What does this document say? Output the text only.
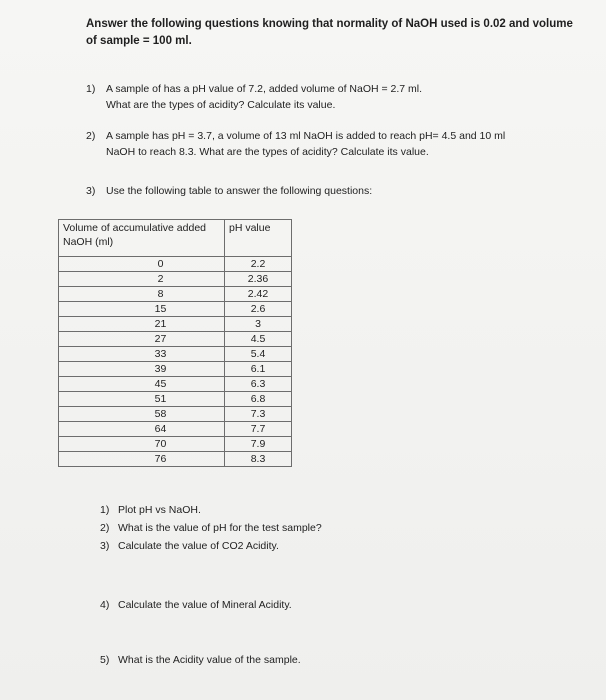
Answer the following questions knowing that normality of NaOH used is 0.02 and volume
of sample = 100 ml.
1) A sample of has a pH value of 7.2, added volume of NaOH = 2.7 ml.
What are the types of acidity? Calculate its value.
2) A sample has pH = 3.7, a volume of 13 ml NaOH is added to reach pH= 4.5 and 10 ml
NaOH to reach 8.3. What are the types of acidity? Calculate its value.
3) Use the following table to answer the following questions:
Volume of accumulative added NaOH (ml)	pH value
0	2.2
2	2.36
8	2.42
15	2.6
21	3
27	4.5
33	5.4
39	6.1
45	6.3
51	6.8
58	7.3
64	7.7
70	7.9
76	8.3
1) Plot pH vs NaOH.
2) What is the value of pH for the test sample?
3) Calculate the value of CO2 Acidity.
4) Calculate the value of Mineral Acidity.
5) What is the Acidity value of the sample.
